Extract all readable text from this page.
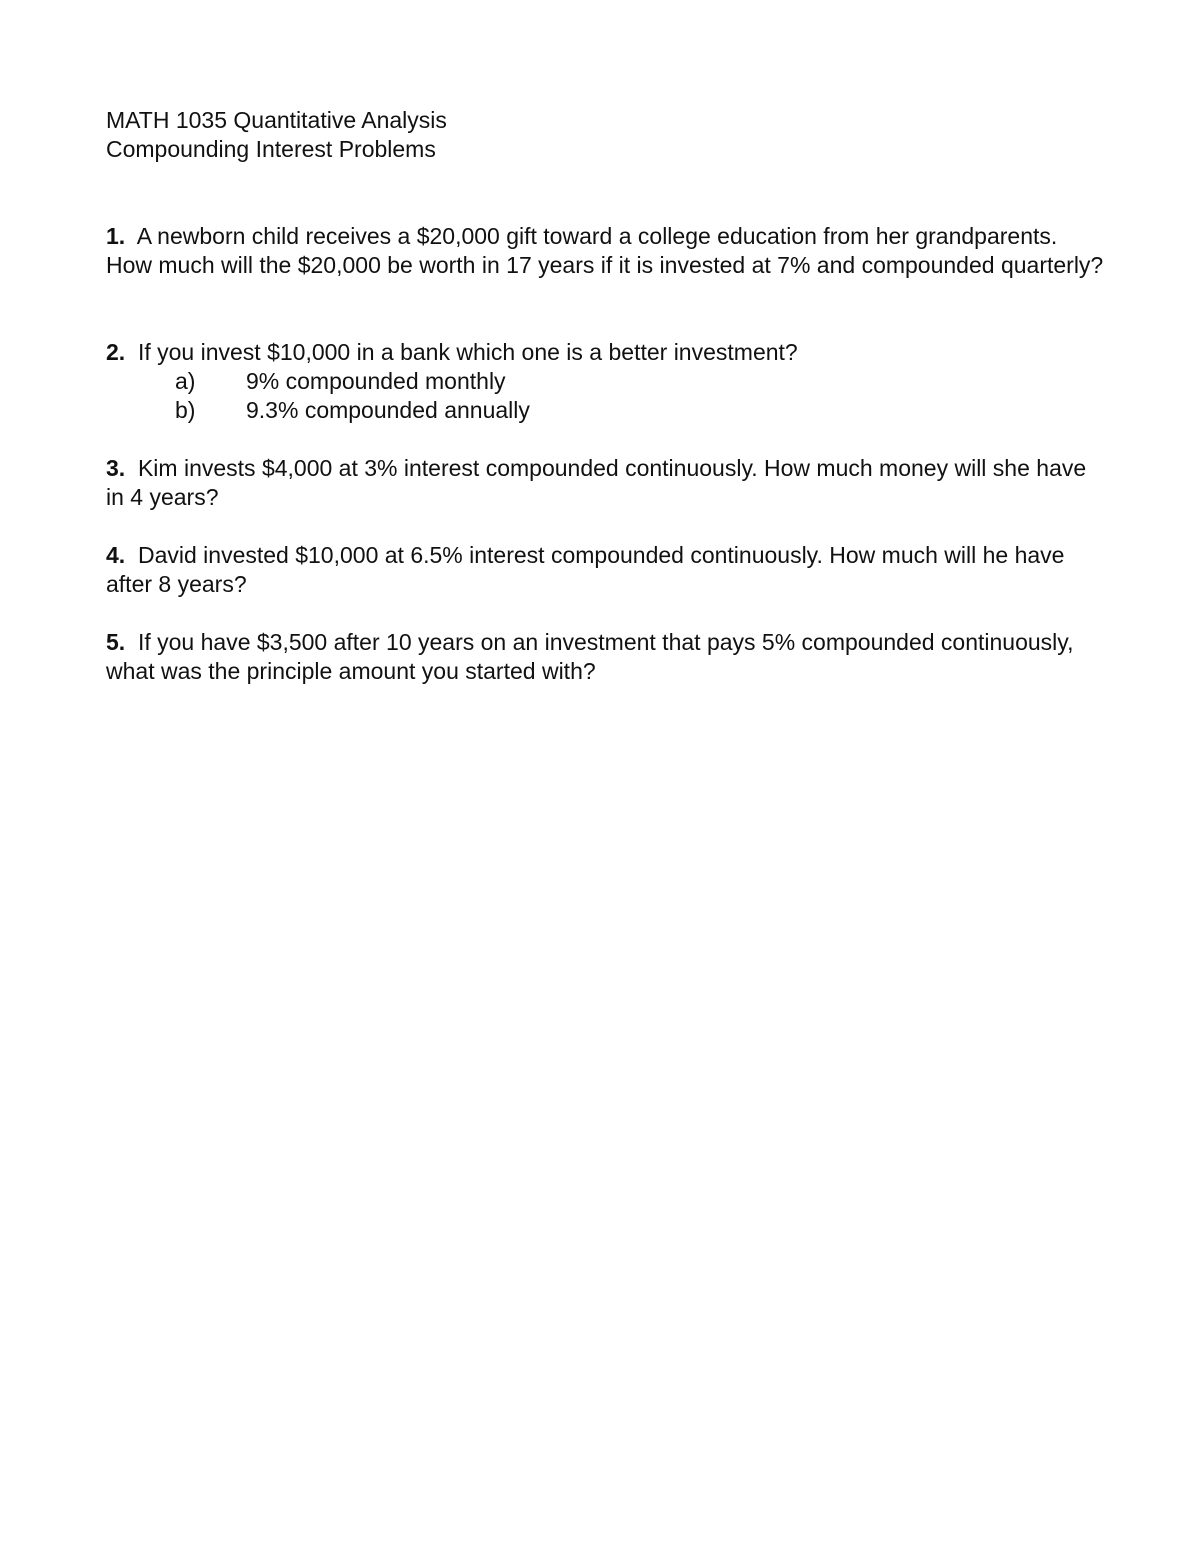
MATH 1035 Quantitative Analysis

Compounding Interest Problems

1. A newborn child receives a $20,000 gift toward a college education from her grandparents. How much will the $20,000 be worth in 17 years if it is invested at 7% and compounded quarterly?

2. If you invest $10,000 in a bank which one is a better investment?

a)	9% compounded monthly
b)	9.3% compounded annually

3. Kim invests $4,000 at 3% interest compounded continuously. How much money will she have in 4 years?

4. David invested $10,000 at 6.5% interest compounded continuously. How much will he have after 8 years?

5. If you have $3,500 after 10 years on an investment that pays 5% compounded continuously, what was the principle amount you started with?
